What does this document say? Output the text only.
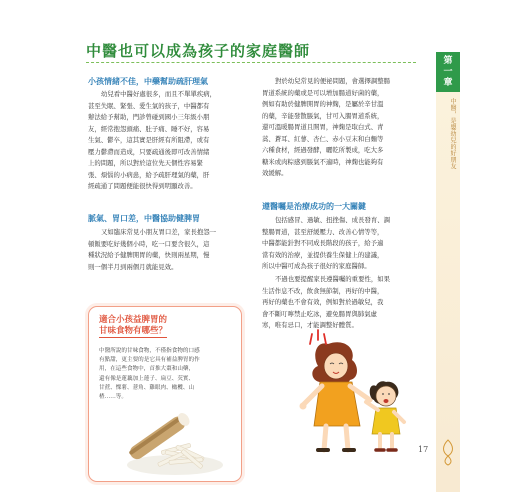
中醫也可以成為孩子的家庭醫師
小孩情緒不佳，中藥幫助疏肝理氣
幼兒看中醫好處很多，而且不單單疾病，
甚至失眠、緊張、愛生氣的孩子，中醫都有
辦法給予幫助，門診曾碰到國小三年級小朋
友，經常抱怨頭痛、肚子痛、睡不好，容易
生氣、鬱卒，這其實是肝經有所阻滯，或有
壓力鬱滯而造成，只要疏通後即可改善情緒
上的問題，所以對於這位先天個性容易緊
張、煩惱的小病患，給予疏肝理氣的藥，肝
經疏通了問題便能很快得到明顯改善。
脈氣、胃口差，中醫協助健脾胃
又如臨床常見小朋友胃口差，家長抱怨一
頓飯要吃好幾個小時，吃一口要含很久，這
種狀況給予健脾開胃的藥，快則兩星期，慢
則一個半月到兩個月就能見效。
對於幼兒常見的便祕問題，會選擇調整腸
胃道系統的藥或是可以增加腸道好菌的藥，
例如有助於健脾開胃的神麴，是屬於辛甘溫
的藥，辛能發散脹氣，甘可入腸胃道系統，
還可溫暖腸胃道且開胃，神麴是取白式、青
蒿、蒼耳、紅蓼、杏仁、赤小豆末和白麵等
六種食材，經過發酵，曬乾所製成，吃大多
糖米或肉粽感到脹氣不適時，神麴也能夠有
效緩解。
遵醫囑是治療成功的一大關鍵
包括感冒、過敏、扭挫傷、成長發育、調
整腸胃道，甚至舒緩壓力、改善心情等等，
中醫都能針對不同成長階段的孩子，給予適
當有效的治療，並提供養生保健上的建議，
所以中醫可成為孩子很好的家庭醫師。
不過也要提醒家長遵醫囑的重要性，如果
生活作息不改，飲食無節制，再好的中醫，
再好的藥也不會有效，例如對於過敏兒，我
會不斷叮嚀禁止吃冰，避免腸胃與肺氣虛
寒，唯有忌口，才能調整好體質。
適合小孩益脾胃的
甘味食物有哪些？
中醫所說的甘味食物，不僅指食物的口感
有點甜，更主要的是它具有補益脾胃的作
用，在這些食物中，首推大棗和山藥，
還有像是蓮藕加上蓮子、扁豆、芡實、
甘蔗、慄薯、薏角、雞眼肉、橄欖、山
楂……等。
第
一
章
中醫，是嬰幼兒的好朋友
17
